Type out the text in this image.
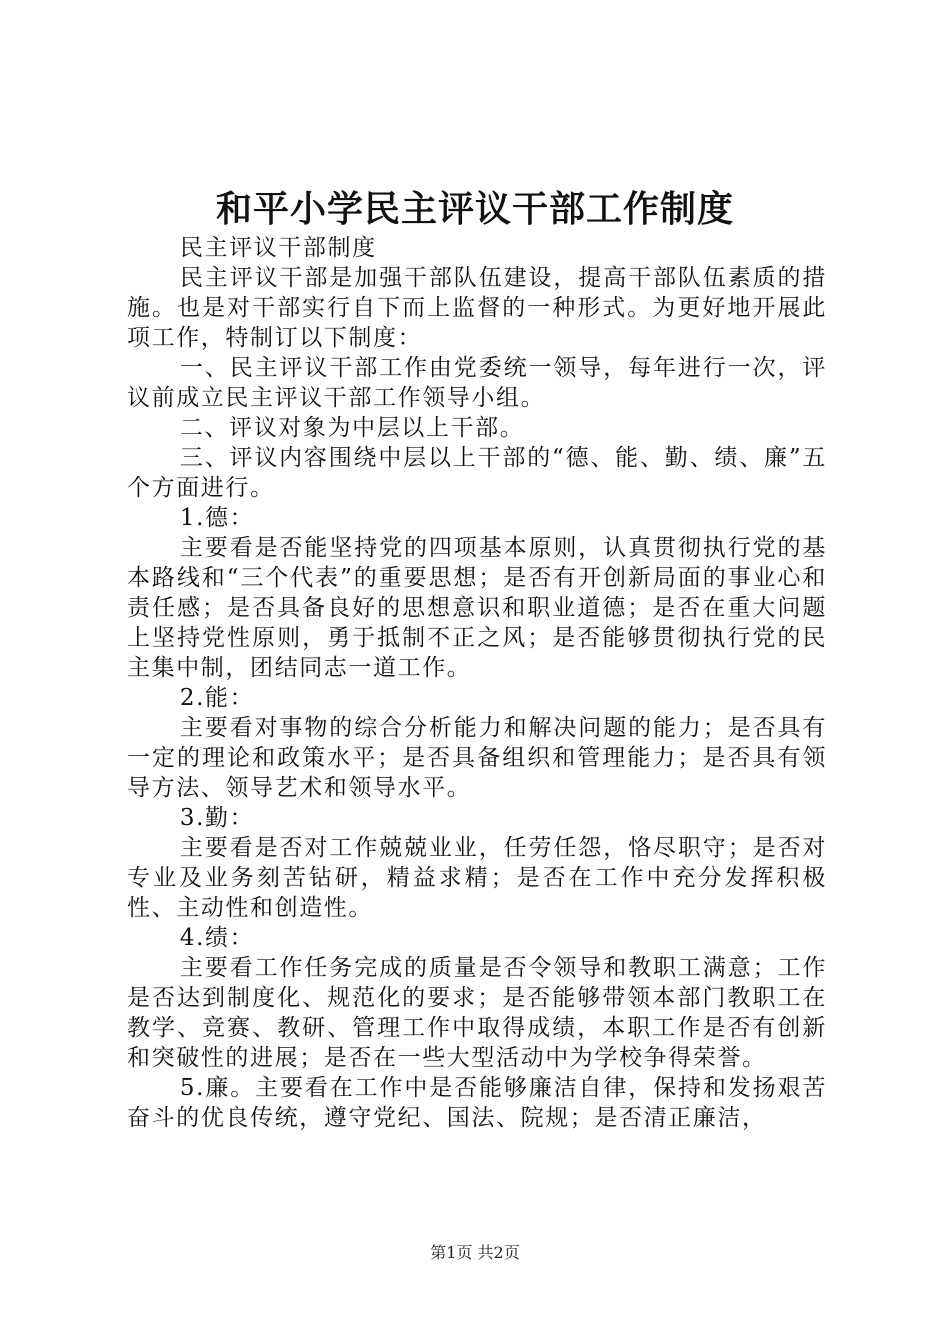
和平小学民主评议干部工作制度

民主评议干部制度

民主评议干部是加强干部队伍建设，提高干部队伍素质的措施。也是对干部实行自下而上监督的一种形式。为更好地开展此项工作，特制订以下制度：

一、民主评议干部工作由党委统一领导，每年进行一次，评议前成立民主评议干部工作领导小组。

二、评议对象为中层以上干部。

三、评议内容围绕中层以上干部的“德、能、勤、绩、廉”五个方面进行。

1.德：

主要看是否能坚持党的四项基本原则，认真贯彻执行党的基本路线和“三个代表”的重要思想；是否有开创新局面的事业心和责任感；是否具备良好的思想意识和职业道德；是否在重大问题上坚持党性原则，勇于抵制不正之风；是否能够贯彻执行党的民主集中制，团结同志一道工作。

2.能：

主要看对事物的综合分析能力和解决问题的能力；是否具有一定的理论和政策水平；是否具备组织和管理能力；是否具有领导方法、领导艺术和领导水平。

3.勤：

主要看是否对工作兢兢业业，任劳任怨，恪尽职守；是否对专业及业务刻苦钻研，精益求精；是否在工作中充分发挥积极性、主动性和创造性。

4.绩：

主要看工作任务完成的质量是否令领导和教职工满意；工作是否达到制度化、规范化的要求；是否能够带领本部门教职工在教学、竞赛、教研、管理工作中取得成绩，本职工作是否有创新和突破性的进展；是否在一些大型活动中为学校争得荣誉。

5.廉。主要看在工作中是否能够廉洁自律，保持和发扬艰苦奋斗的优良传统，遵守党纪、国法、院规；是否清正廉洁，

第1页 共2页
